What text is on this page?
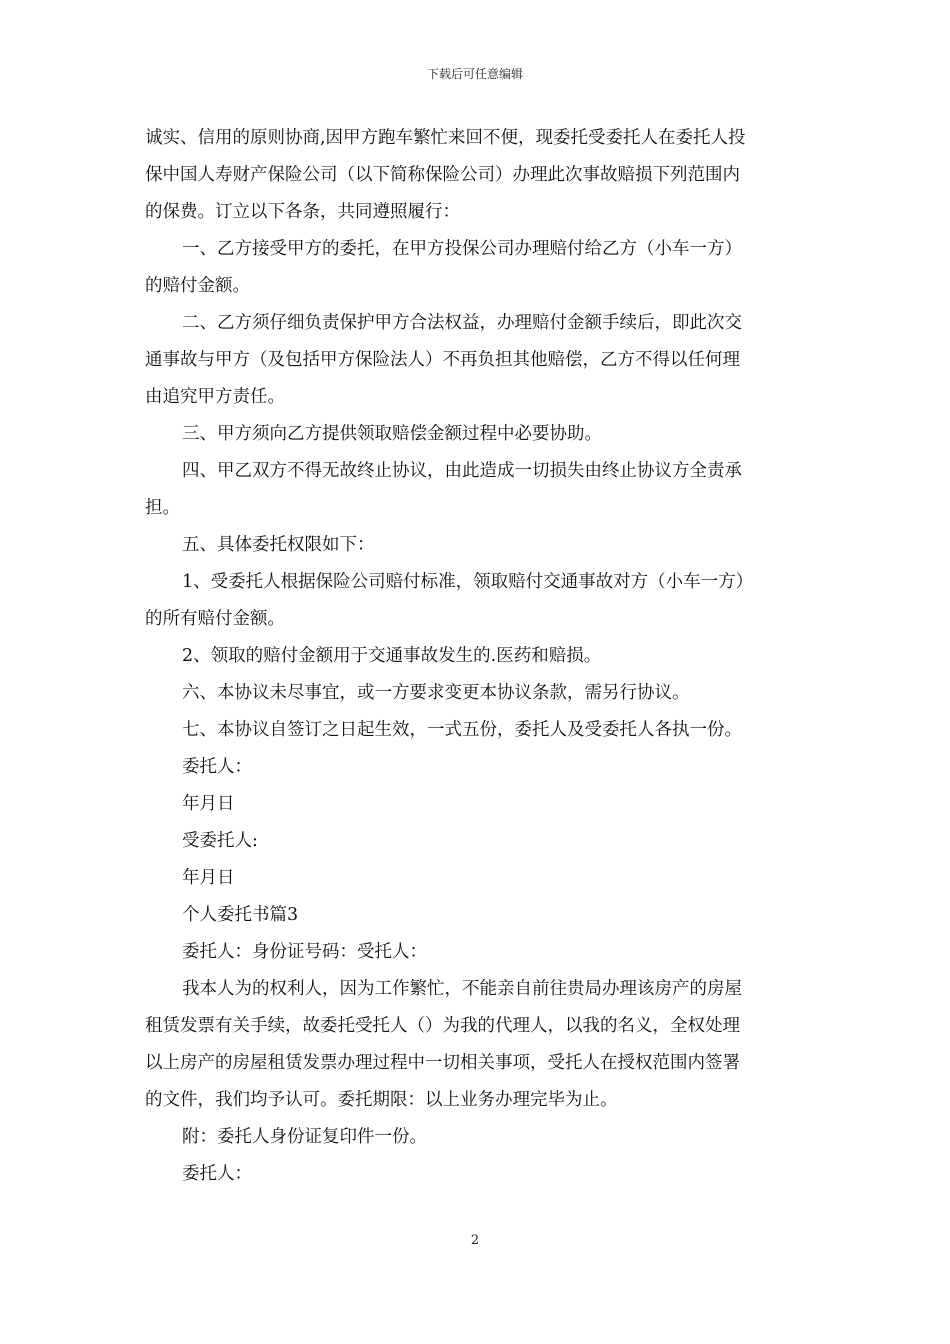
下载后可任意编辑
诚实、信用的原则协商,因甲方跑车繁忙来回不便，现委托受委托人在委托人投
保中国人寿财产保险公司（以下简称保险公司）办理此次事故赔损下列范围内
的保费。订立以下各条，共同遵照履行：
一、乙方接受甲方的委托，在甲方投保公司办理赔付给乙方（小车一方）
的赔付金额。
二、乙方须仔细负责保护甲方合法权益，办理赔付金额手续后，即此次交
通事故与甲方（及包括甲方保险法人）不再负担其他赔偿，乙方不得以任何理
由追究甲方责任。
三、甲方须向乙方提供领取赔偿金额过程中必要协助。
四、甲乙双方不得无故终止协议，由此造成一切损失由终止协议方全责承
担。
五、具体委托权限如下：
1、受委托人根据保险公司赔付标准，领取赔付交通事故对方（小车一方）
的所有赔付金额。
2、领取的赔付金额用于交通事故发生的.医药和赔损。
六、本协议未尽事宜，或一方要求变更本协议条款，需另行协议。
七、本协议自签订之日起生效，一式五份，委托人及受委托人各执一份。
委托人：
年月日
受委托人:
年月日
个人委托书篇3
委托人：身份证号码：受托人：
我本人为的权利人，因为工作繁忙，不能亲自前往贵局办理该房产的房屋
租赁发票有关手续，故委托受托人（）为我的代理人，以我的名义，全权处理
以上房产的房屋租赁发票办理过程中一切相关事项，受托人在授权范围内签署
的文件，我们均予认可。委托期限：以上业务办理完毕为止。
附：委托人身份证复印件一份。
委托人：
2
